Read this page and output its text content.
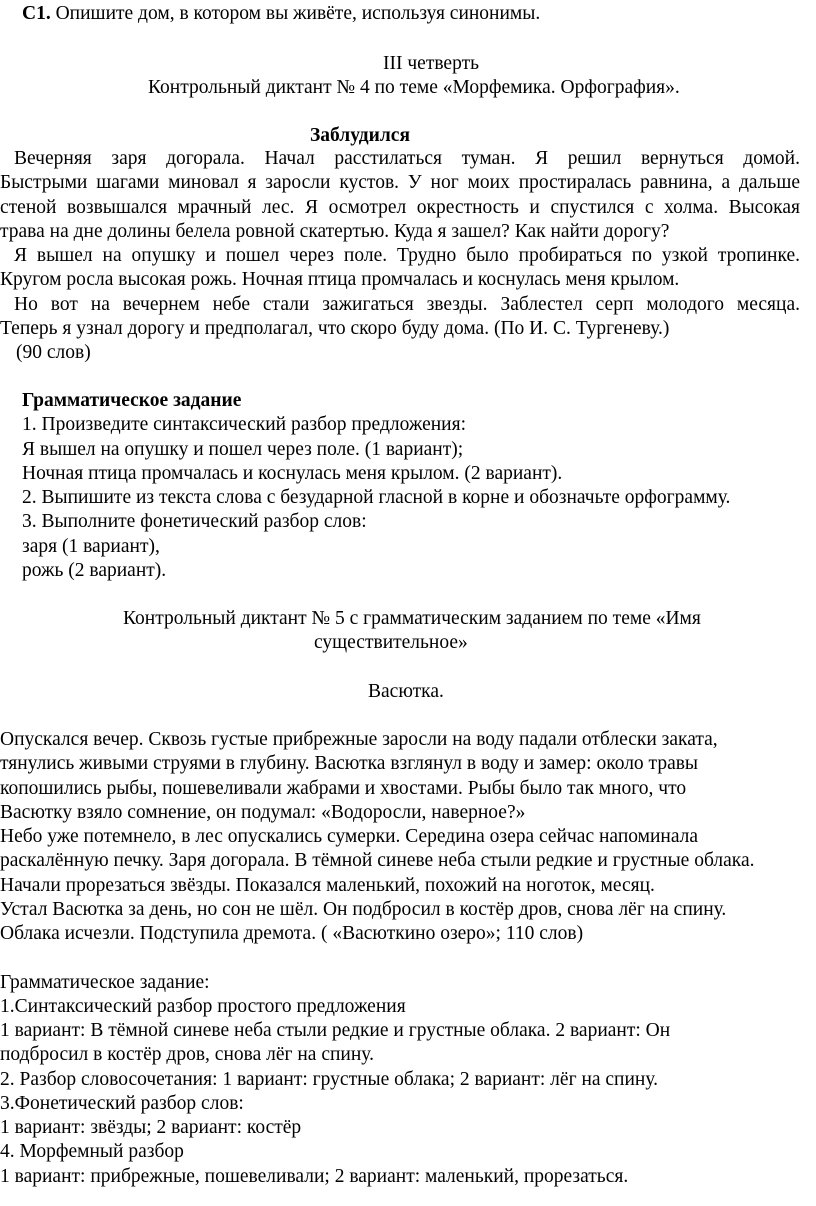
С1. Опишите дом, в котором вы живёте, используя синонимы.
III четверть
Контрольный диктант № 4 по теме «Морфемика. Орфография».
Заблудился
Вечерняя заря догорала. Начал расстилаться туман. Я решил вернуться домой.
Быстрыми шагами миновал я заросли кустов. У ног моих простиралась равнина, а дальше
стеной возвышался мрачный лес. Я осмотрел окрестность и спустился с холма. Высокая
трава на дне долины белела ровной скатертью. Куда я зашел? Как найти дорогу?
Я вышел на опушку и пошел через поле. Трудно было пробираться по узкой тропинке.
Кругом росла высокая рожь. Ночная птица промчалась и коснулась меня крылом.
Но вот на вечернем небе стали зажигаться звезды. Заблестел серп молодого месяца.
Теперь я узнал дорогу и предполагал, что скоро буду дома. (По И. С. Тургеневу.)
(90 слов)
Грамматическое задание
1. Произведите синтаксический разбор предложения:
Я вышел на опушку и пошел через поле. (1 вариант);
Ночная птица промчалась и коснулась меня крылом. (2 вариант).
2. Выпишите из текста слова с безударной гласной в корне и обозначьте орфограмму.
3. Выполните фонетический разбор слов:
заря (1 вариант),
рожь (2 вариант).
Контрольный диктант № 5 с грамматическим заданием по теме «Имя
существительное»
Васютка.
Опускался вечер. Сквозь густые прибрежные заросли на воду падали отблески заката,
тянулись живыми струями в глубину. Васютка взглянул в воду и замер: около травы
копошились рыбы, пошевеливали жабрами и хвостами. Рыбы было так много, что
Васютку взяло сомнение, он подумал: «Водоросли, наверное?»
Небо уже потемнело, в лес опускались сумерки. Середина озера сейчас напоминала
раскалённую печку. Заря догорала. В тёмной синеве неба стыли редкие и грустные облака.
Начали прорезаться звёзды. Показался маленький, похожий на ноготок, месяц.
Устал Васютка за день, но сон не шёл. Он подбросил в костёр дров, снова лёг на спину.
Облака исчезли. Подступила дремота. ( «Васюткино озеро»; 110 слов)
Грамматическое задание:
1.Синтаксический разбор простого предложения
1 вариант: В тёмной синеве неба стыли редкие и грустные облака. 2 вариант: Он
подбросил в костёр дров, снова лёг на спину.
2. Разбор словосочетания: 1 вариант: грустные облака; 2 вариант: лёг на спину.
3.Фонетический разбор слов:
1 вариант: звёзды; 2 вариант: костёр
4. Морфемный разбор
1 вариант: прибрежные, пошевеливали; 2 вариант: маленький, прорезаться.
